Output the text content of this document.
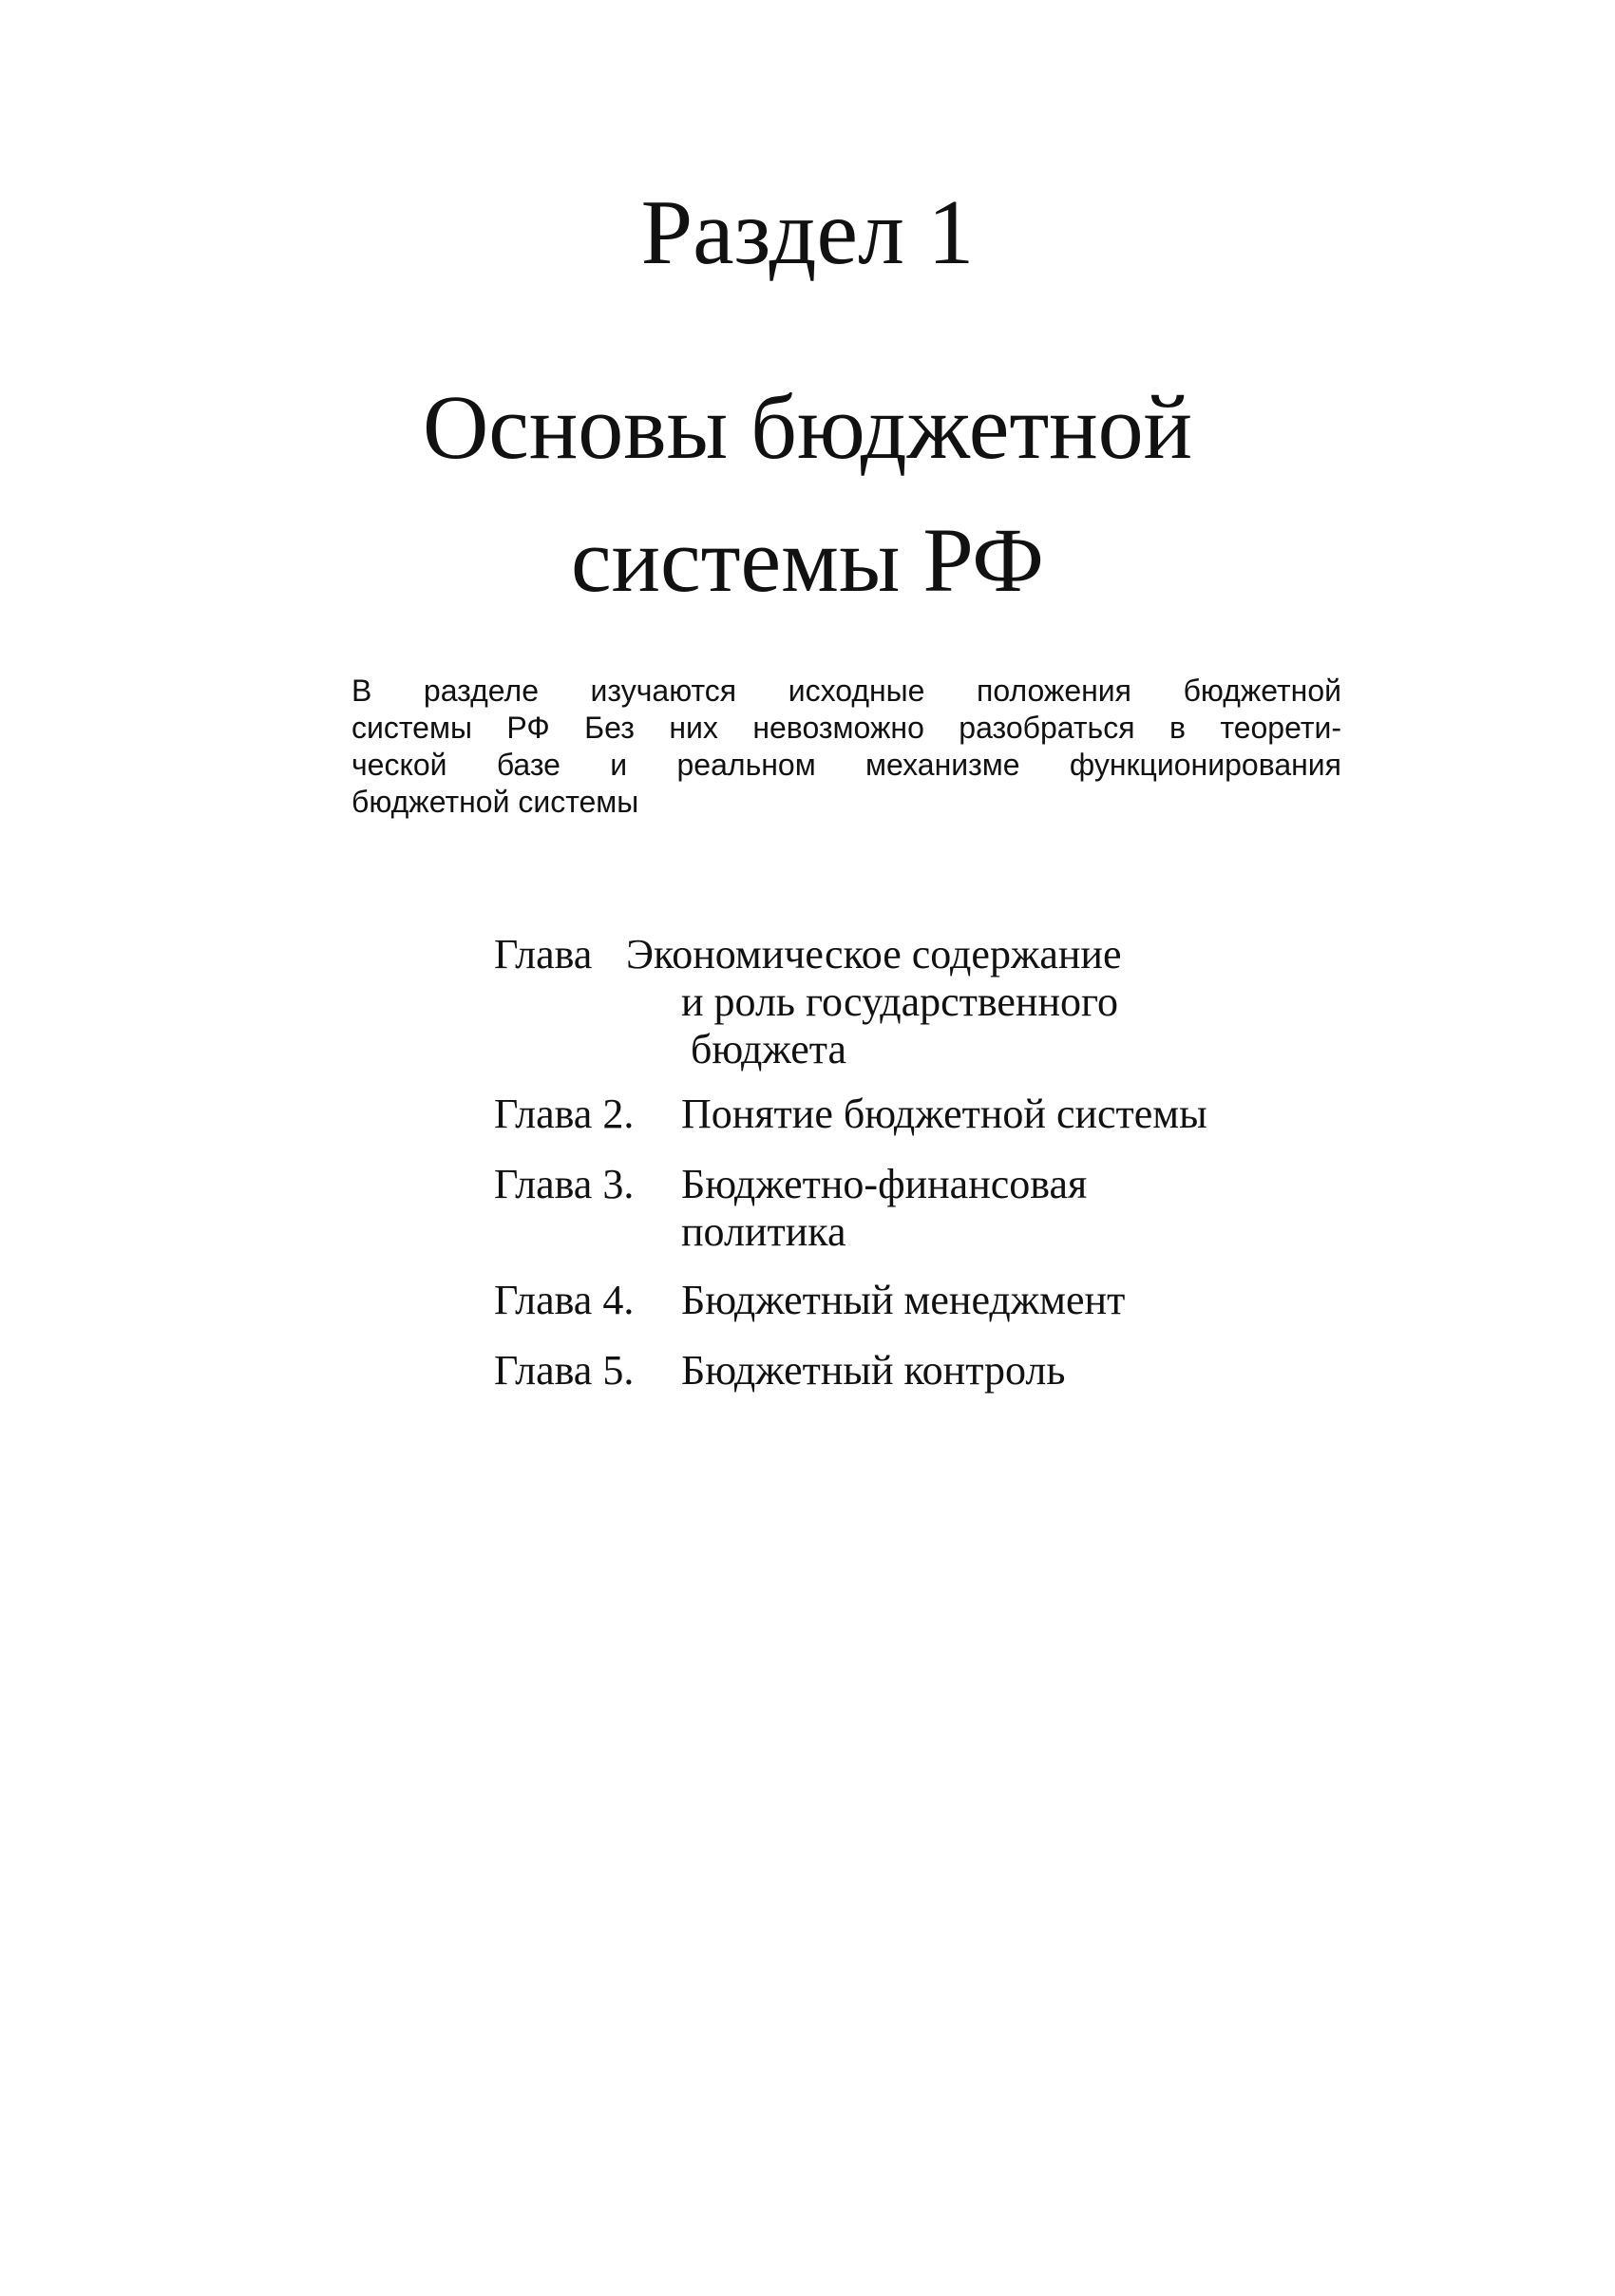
Раздел 1
Основы бюджетной
системы РФ
В разделе изучаются исходные положения бюджетной
системы РФ Без них невозможно разобраться в теорети-
ческой базе и реальном механизме функционирования
бюджетной системы
Глава Экономическое содержание
и роль государственного
бюджета
Глава 2. Понятие бюджетной системы
Глава 3. Бюджетно-финансовая
политика
Глава 4. Бюджетный менеджмент
Глава 5. Бюджетный контроль
